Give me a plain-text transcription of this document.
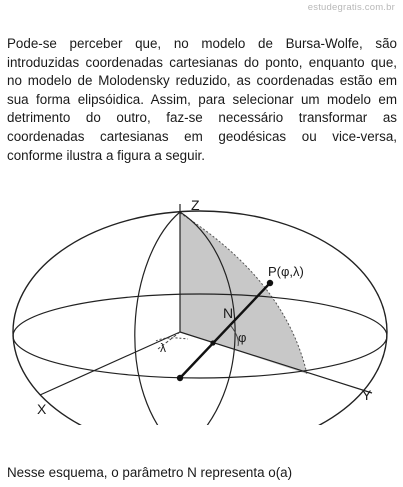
estudegratis.com.br

Pode-se perceber que, no modelo de Bursa-Wolfe, são introduzidas coordenadas cartesianas do ponto, enquanto que, no modelo de Molodensky reduzido, as coordenadas estão em sua forma elipsóidica. Assim, para selecionar um modelo em detrimento do outro, faz-se necessário transformar as coordenadas cartesianas em geodésicas ou vice-versa, conforme ilustra a figura a seguir.

Z
X
Y
P(φ,λ)
N
φ
λ

Nesse esquema, o parâmetro N representa o(a)
